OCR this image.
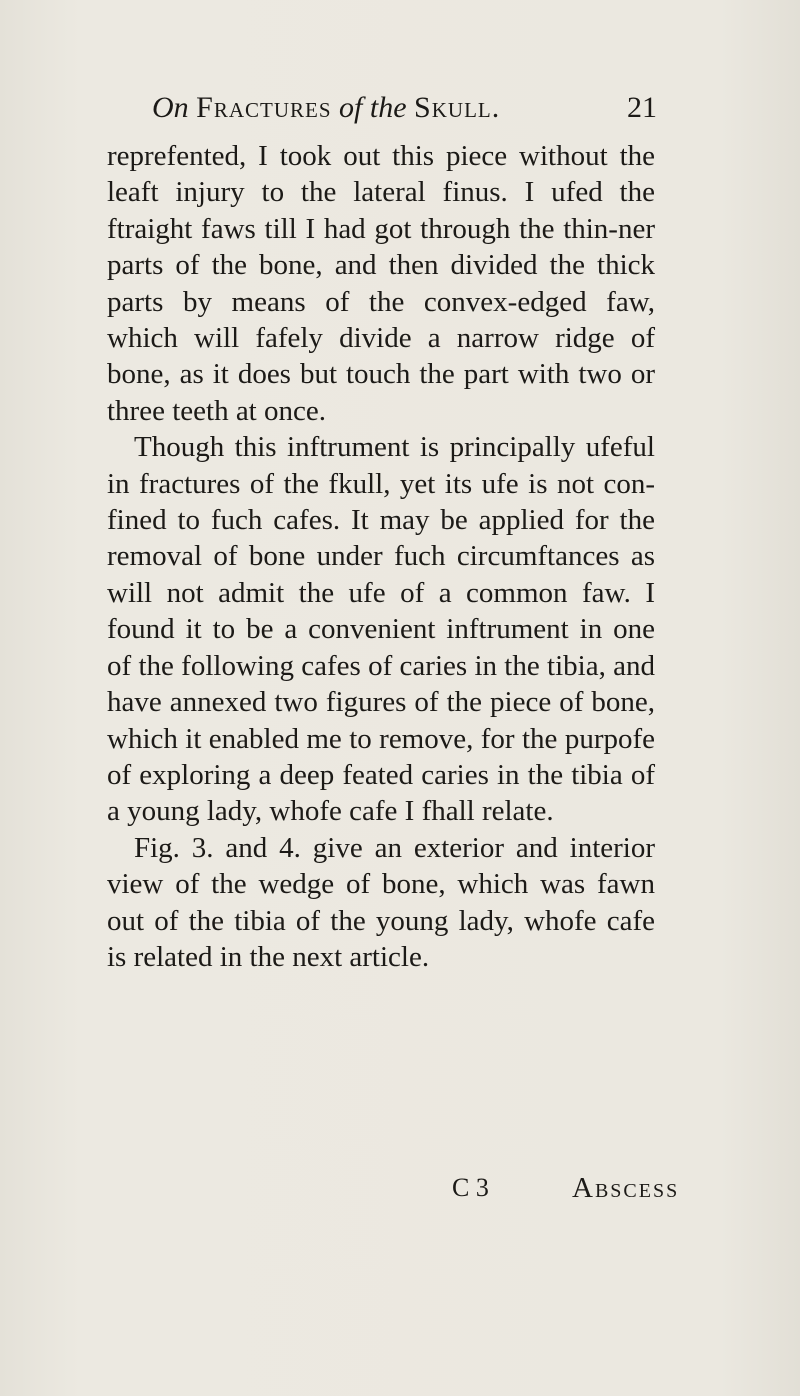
On Fractures of the Skull.	21

reprefented, I took out this piece without the leaft injury to the lateral finus. I ufed the ftraight faws till I had got through the thin-ner parts of the bone, and then divided the thick parts by means of the convex-edged faw, which will fafely divide a narrow ridge of bone, as it does but touch the part with two or three teeth at once.

Though this inftrument is principally ufeful in fractures of the fkull, yet its ufe is not con-fined to fuch cafes. It may be applied for the removal of bone under fuch circumftances as will not admit the ufe of a common faw. I found it to be a convenient inftrument in one of the following cafes of caries in the tibia, and have annexed two figures of the piece of bone, which it enabled me to remove, for the purpofe of exploring a deep feated caries in the tibia of a young lady, whofe cafe I fhall relate.

Fig. 3. and 4. give an exterior and interior view of the wedge of bone, which was fawn out of the tibia of the young lady, whofe cafe is related in the next article.

C 3	Abscess
